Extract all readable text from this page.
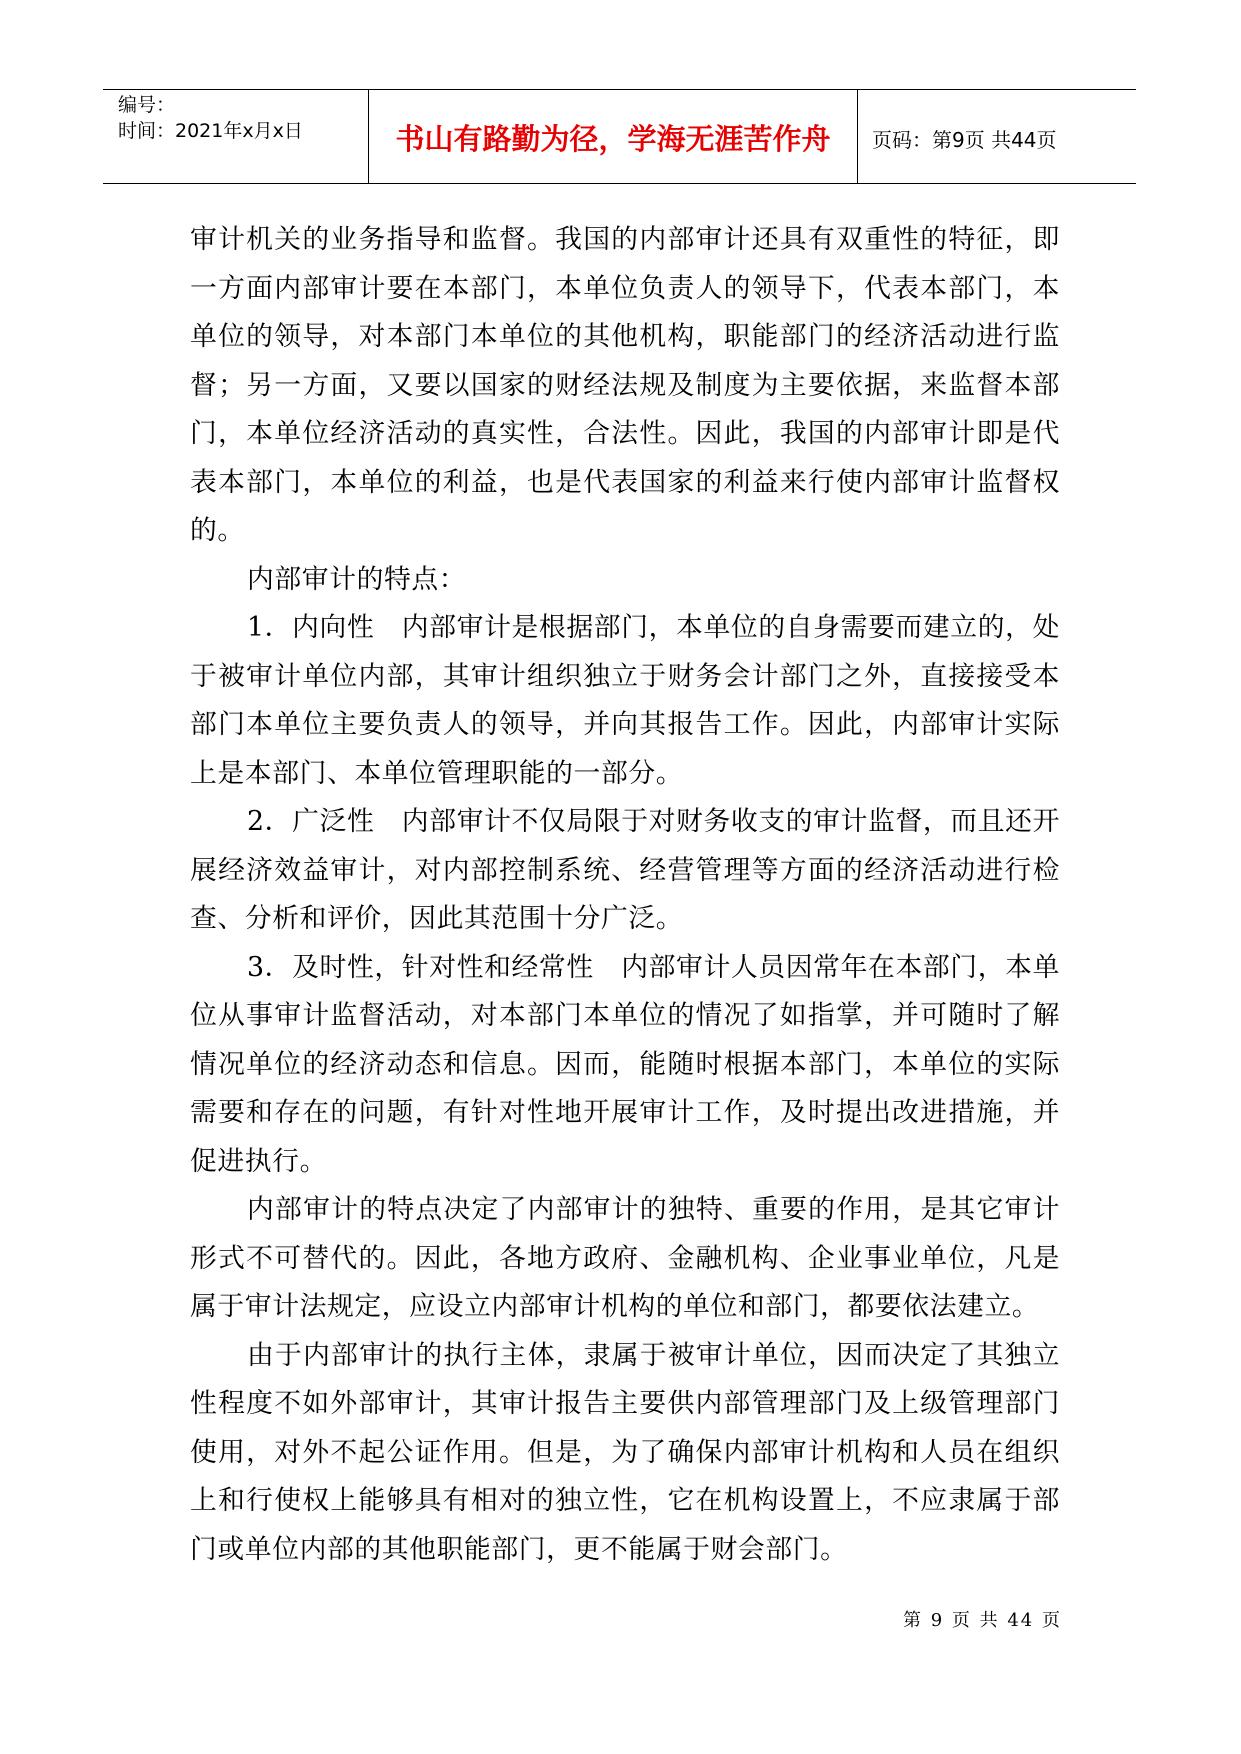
编号：
时间：2021年x月x日	书山有路勤为径，学海无涯苦作舟	页码：第9页 共44页

审计机关的业务指导和监督。我国的内部审计还具有双重性的特征，即一方面内部审计要在本部门，本单位负责人的领导下，代表本部门，本单位的领导，对本部门本单位的其他机构，职能部门的经济活动进行监督；另一方面，又要以国家的财经法规及制度为主要依据，来监督本部门，本单位经济活动的真实性，合法性。因此，我国的内部审计即是代表本部门，本单位的利益，也是代表国家的利益来行使内部审计监督权的。

内部审计的特点：

1．内向性　内部审计是根据部门，本单位的自身需要而建立的，处于被审计单位内部，其审计组织独立于财务会计部门之外，直接接受本部门本单位主要负责人的领导，并向其报告工作。因此，内部审计实际上是本部门、本单位管理职能的一部分。

2．广泛性　内部审计不仅局限于对财务收支的审计监督，而且还开展经济效益审计，对内部控制系统、经营管理等方面的经济活动进行检查、分析和评价，因此其范围十分广泛。

3．及时性，针对性和经常性　内部审计人员因常年在本部门，本单位从事审计监督活动，对本部门本单位的情况了如指掌，并可随时了解情况单位的经济动态和信息。因而，能随时根据本部门，本单位的实际需要和存在的问题，有针对性地开展审计工作，及时提出改进措施，并促进执行。

内部审计的特点决定了内部审计的独特、重要的作用，是其它审计形式不可替代的。因此，各地方政府、金融机构、企业事业单位，凡是属于审计法规定，应设立内部审计机构的单位和部门，都要依法建立。

由于内部审计的执行主体，隶属于被审计单位，因而决定了其独立性程度不如外部审计，其审计报告主要供内部管理部门及上级管理部门使用，对外不起公证作用。但是，为了确保内部审计机构和人员在组织上和行使权上能够具有相对的独立性，它在机构设置上，不应隶属于部门或单位内部的其他职能部门，更不能属于财会部门。

第 9 页 共 44 页
